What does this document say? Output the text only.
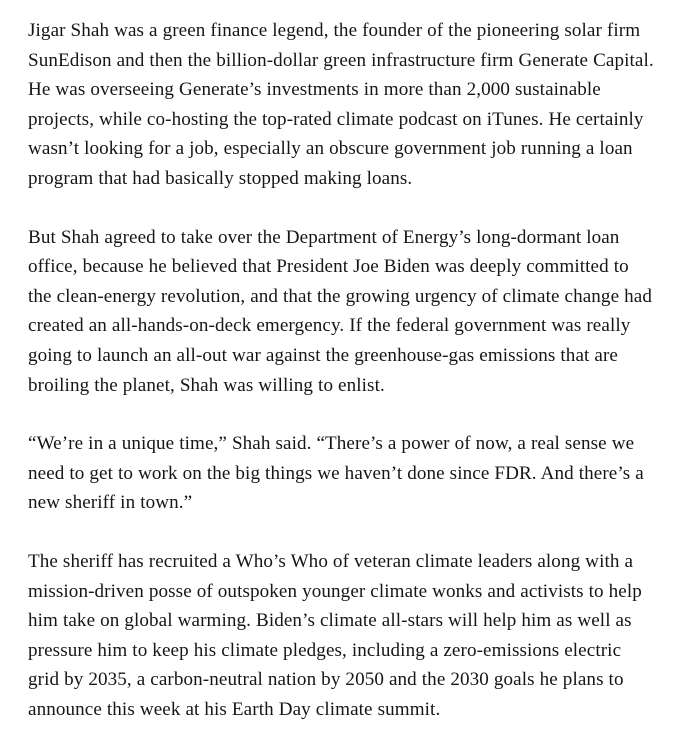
Jigar Shah was a green finance legend, the founder of the pioneering solar firm SunEdison and then the billion-dollar green infrastructure firm Generate Capital. He was overseeing Generate’s investments in more than 2,000 sustainable projects, while co-hosting the top-rated climate podcast on iTunes. He certainly wasn’t looking for a job, especially an obscure government job running a loan program that had basically stopped making loans.

But Shah agreed to take over the Department of Energy’s long-dormant loan office, because he believed that President Joe Biden was deeply committed to the clean-energy revolution, and that the growing urgency of climate change had created an all-hands-on-deck emergency. If the federal government was really going to launch an all-out war against the greenhouse-gas emissions that are broiling the planet, Shah was willing to enlist.

“We’re in a unique time,” Shah said. “There’s a power of now, a real sense we need to get to work on the big things we haven’t done since FDR. And there’s a new sheriff in town.”

The sheriff has recruited a Who’s Who of veteran climate leaders along with a mission-driven posse of outspoken younger climate wonks and activists to help him take on global warming. Biden’s climate all-stars will help him as well as pressure him to keep his climate pledges, including a zero-emissions electric grid by 2035, a carbon-neutral nation by 2050 and the 2030 goals he plans to announce this week at his Earth Day climate summit.
